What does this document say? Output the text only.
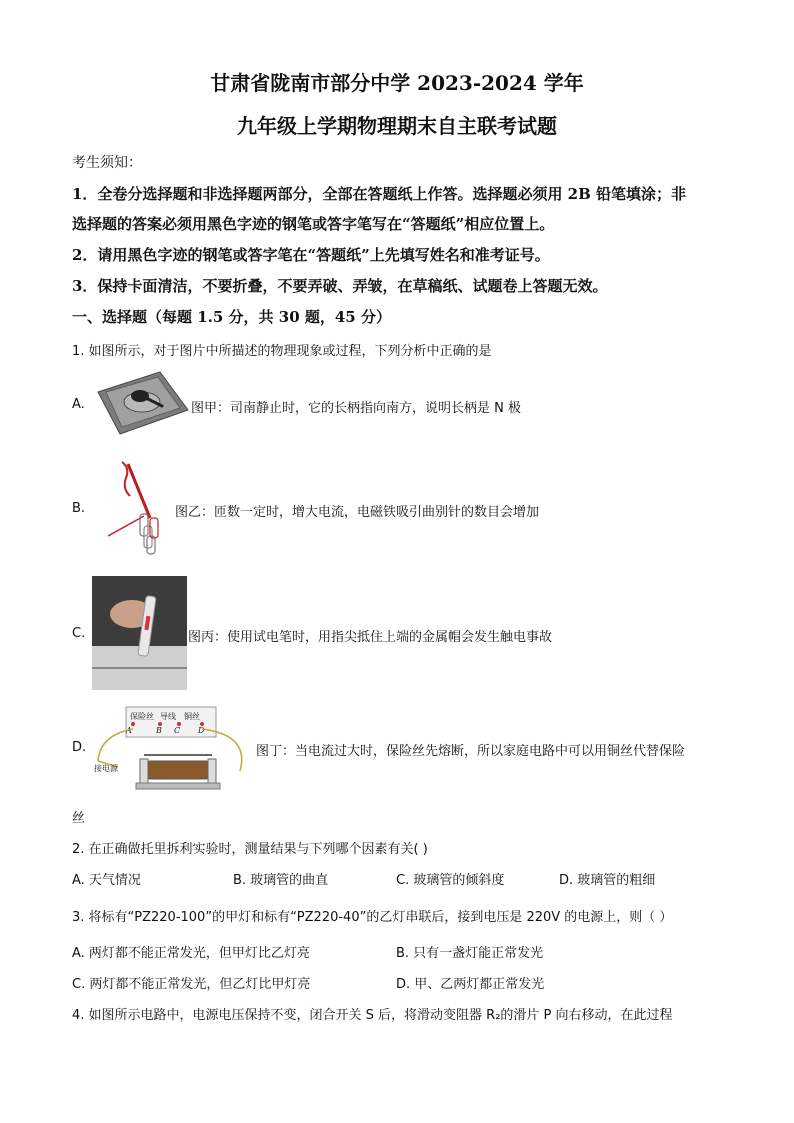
甘肃省陇南市部分中学 2023-2024 学年
九年级上学期物理期末自主联考试题
考生须知：
1．全卷分选择题和非选择题两部分，全部在答题纸上作答。选择题必须用 2B 铅笔填涂；非
选择题的答案必须用黑色字迹的钢笔或答字笔写在“答题纸”相应位置上。
2．请用黑色字迹的钢笔或答字笔在“答题纸”上先填写姓名和准考证号。
3．保持卡面清洁，不要折叠，不要弄破、弄皱，在草稿纸、试题卷上答题无效。
一、选择题（每题 1.5 分，共 30 题，45 分）
1. 如图所示，对于图片中所描述的物理现象或过程，下列分析中正确的是
A.	图甲：司南静止时，它的长柄指向南方，说明长柄是 N 极
B.	图乙：匝数一定时，增大电流，电磁铁吸引曲别针的数目会增加
C.	图丙：使用试电笔时，用指尖抵住上端的金属帽会发生触电事故
D.
保险丝 导线 铜丝
A	B C D
接电源
图丁：当电流过大时，保险丝先熔断，所以家庭电路中可以用铜丝代替保险
丝
2. 在正确做托里拆利实验时，测量结果与下列哪个因素有关( )
A. 天气情况	B. 玻璃管的曲直	C. 玻璃管的倾斜度	D. 玻璃管的粗细
3. 将标有“PZ220-100”的甲灯和标有“PZ220-40”的乙灯串联后，接到电压是 220V 的电源上，则（ ）
A. 两灯都不能正常发光，但甲灯比乙灯亮	B. 只有一盏灯能正常发光
C. 两灯都不能正常发光，但乙灯比甲灯亮	D. 甲、乙两灯都正常发光
4. 如图所示电路中，电源电压保持不变，闭合开关 S 后，将滑动变阻器 R₂的滑片 P 向右移动，在此过程
